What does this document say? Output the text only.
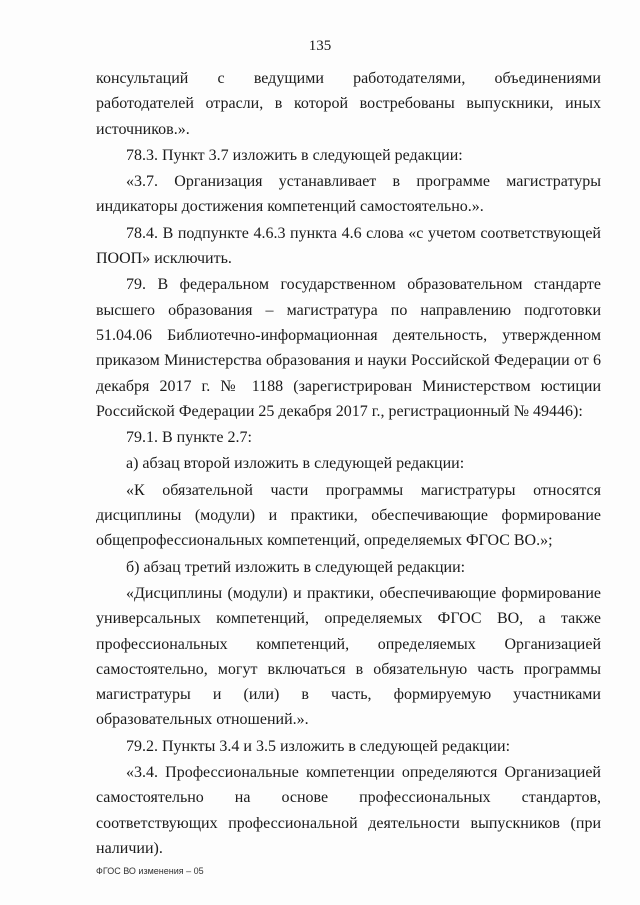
135

консультаций с ведущими работодателями, объединениями работодателей отрасли, в которой востребованы выпускники, иных источников.».

78.3. Пункт 3.7 изложить в следующей редакции:

«3.7. Организация устанавливает в программе магистратуры индикаторы достижения компетенций самостоятельно.».

78.4. В подпункте 4.6.3 пункта 4.6 слова «с учетом соответствующей ПООП» исключить.

79. В федеральном государственном образовательном стандарте высшего образования – магистратура по направлению подготовки 51.04.06 Библиотечно-информационная деятельность, утвержденном приказом Министерства образования и науки Российской Федерации от 6 декабря 2017 г. № 1188 (зарегистрирован Министерством юстиции Российской Федерации 25 декабря 2017 г., регистрационный № 49446):

79.1. В пункте 2.7:

а) абзац второй изложить в следующей редакции:

«К обязательной части программы магистратуры относятся дисциплины (модули) и практики, обеспечивающие формирование общепрофессиональных компетенций, определяемых ФГОС ВО.»;

б) абзац третий изложить в следующей редакции:

«Дисциплины (модули) и практики, обеспечивающие формирование универсальных компетенций, определяемых ФГОС ВО, а также профессиональных компетенций, определяемых Организацией самостоятельно, могут включаться в обязательную часть программы магистратуры и (или) в часть, формируемую участниками образовательных отношений.».

79.2. Пункты 3.4 и 3.5 изложить в следующей редакции:

«3.4. Профессиональные компетенции определяются Организацией самостоятельно на основе профессиональных стандартов, соответствующих профессиональной деятельности выпускников (при наличии).

ФГОС ВО изменения – 05
